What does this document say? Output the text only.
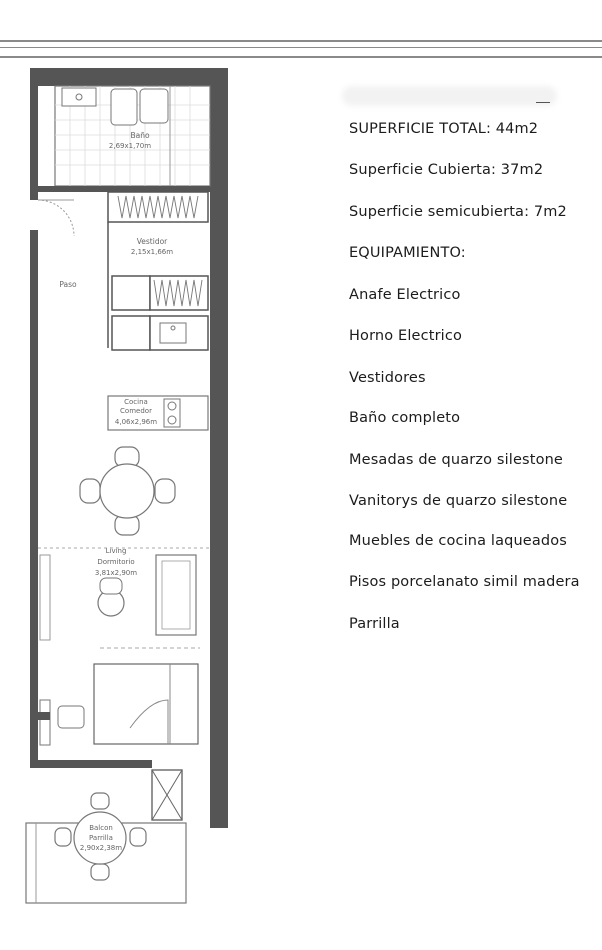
Baño
2,69x1,70m
Vestidor
2,15x1,66m
Paso
Cocina
Comedor
4,06x2,96m
Living
Dormitorio
3,81x2,90m
Balcon
Parrilla
2,90x2,38m
SUPERFICIE TOTAL: 44m2
Superficie Cubierta: 37m2
Superficie semicubierta: 7m2
EQUIPAMIENTO:
Anafe Electrico
Horno Electrico
Vestidores
Baño completo
Mesadas de quarzo silestone
Vanitorys de quarzo silestone
Muebles de cocina laqueados
Pisos porcelanato simil madera
Parrilla
